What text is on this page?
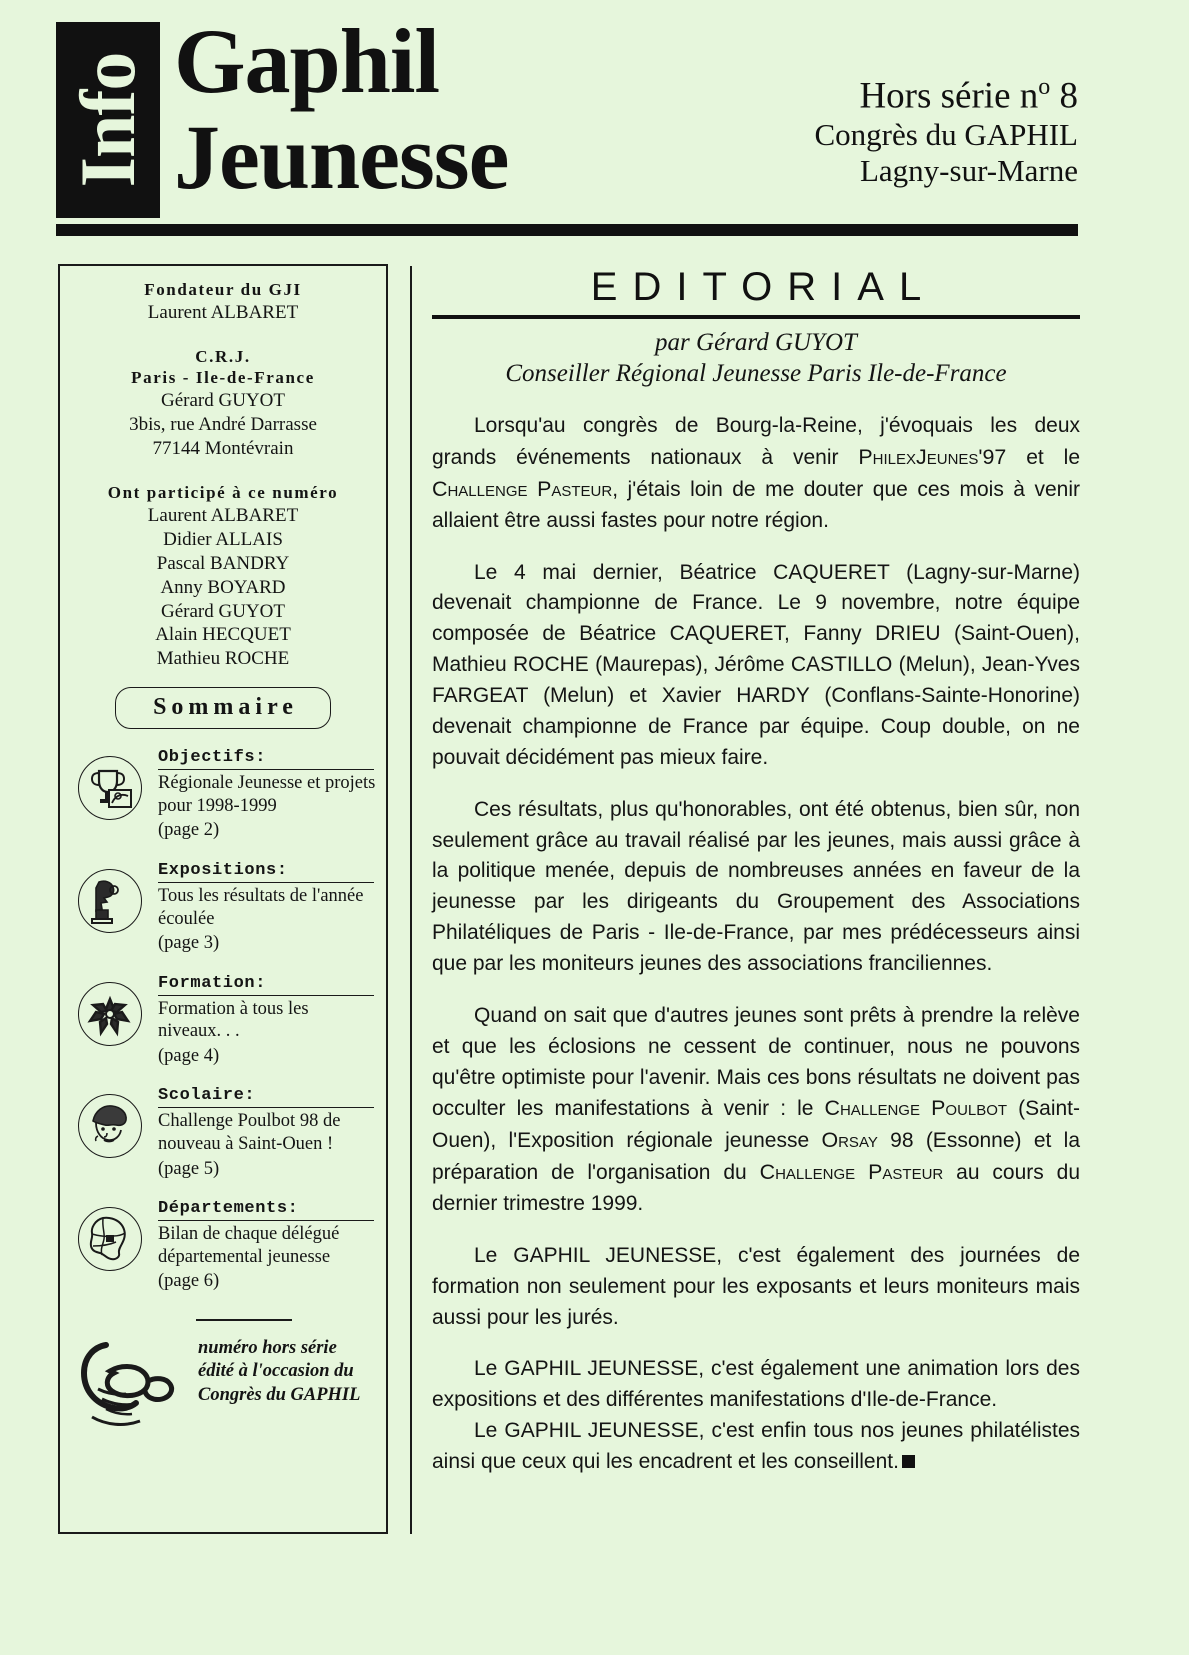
Info Gaphil
Jeunesse
Hors série $n^o$ 8
Congrès du GAPHIL
Lagny-sur-Marne
Fondateur du GJI
Laurent ALBARET
C.R.J.
Paris - Ile-de-France
Gérard GUYOT
3bis, rue André Darrasse
77144 Montévrain
Ont participé à ce numéro
Laurent ALBARET
Didier ALLAIS
Pascal BANDRY
Anny BOYARD
Gérard GUYOT
Alain HECQUET
Mathieu ROCHE
Sommaire
Objectifs:
Régionale Jeunesse et projets pour 1998-1999
(page 2)
Expositions:
Tous les résultats de l'année écoulée
(page 3)
Formation:
Formation à tous les niveaux. . .
(page 4)
Scolaire:
Challenge Poulbot 98 de nouveau à Saint-Ouen !
(page 5)
Départements:
Bilan de chaque délégué départemental jeunesse
(page 6)
numéro hors série
édité à l'occasion du
Congrès du GAPHIL
EDITORIAL
par Gérard GUYOT
Conseiller Régional Jeunesse Paris Ile-de-France

Lorsqu'au congrès de Bourg-la-Reine, j'évoquais les deux grands événements nationaux à venir PhilexJeunes'97 et le Challenge Pasteur, j'étais loin de me douter que ces mois à venir allaient être aussi fastes pour notre région.

Le 4 mai dernier, Béatrice CAQUERET (Lagny-sur-Marne) devenait championne de France. Le 9 novembre, notre équipe composée de Béatrice CAQUERET, Fanny DRIEU (Saint-Ouen), Mathieu ROCHE (Maurepas), Jérôme CASTILLO (Melun), Jean-Yves FARGEAT (Melun) et Xavier HARDY (Conflans-Sainte-Honorine) devenait championne de France par équipe. Coup double, on ne pouvait décidément pas mieux faire.

Ces résultats, plus qu'honorables, ont été obtenus, bien sûr, non seulement grâce au travail réalisé par les jeunes, mais aussi grâce à la politique menée, depuis de nombreuses années en faveur de la jeunesse par les dirigeants du Groupement des Associations Philatéliques de Paris - Ile-de-France, par mes prédécesseurs ainsi que par les moniteurs jeunes des associations franciliennes.

Quand on sait que d'autres jeunes sont prêts à prendre la relève et que les éclosions ne cessent de continuer, nous ne pouvons qu'être optimiste pour l'avenir. Mais ces bons résultats ne doivent pas occulter les manifestations à venir : le Challenge Poulbot (Saint-Ouen), l'Exposition régionale jeunesse Orsay 98 (Essonne) et la préparation de l'organisation du Challenge Pasteur au cours du dernier trimestre 1999.

Le GAPHIL JEUNESSE, c'est également des journées de formation non seulement pour les exposants et leurs moniteurs mais aussi pour les jurés.

Le GAPHIL JEUNESSE, c'est également une animation lors des expositions et des différentes manifestations d'Ile-de-France.

Le GAPHIL JEUNESSE, c'est enfin tous nos jeunes philatélistes ainsi que ceux qui les encadrent et les conseillent.
